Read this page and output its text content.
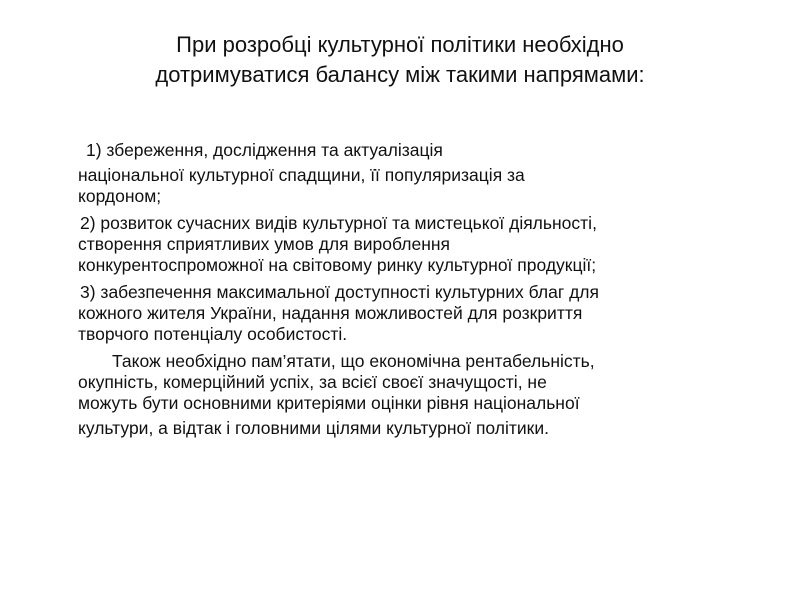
При розробці культурної політики необхідно
дотримуватися балансу між такими напрямами:
1) збереження, дослідження та актуалізація
національної культурної спадщини, її популяризація за
кордоном;
2) розвиток сучасних видів культурної та мистецької діяльності,
створення сприятливих умов для вироблення
конкурентоспроможної на світовому ринку культурної продукції;
3) забезпечення максимальної доступності культурних благ для
кожного жителя України, надання можливостей для розкриття
творчого потенціалу особистості.
Також необхідно пам’ятати, що економічна рентабельність,
окупність, комерційний успіх, за всієї своєї значущості, не
можуть бути основними критеріями оцінки рівня національної
культури, а відтак і головними цілями культурної політики.
